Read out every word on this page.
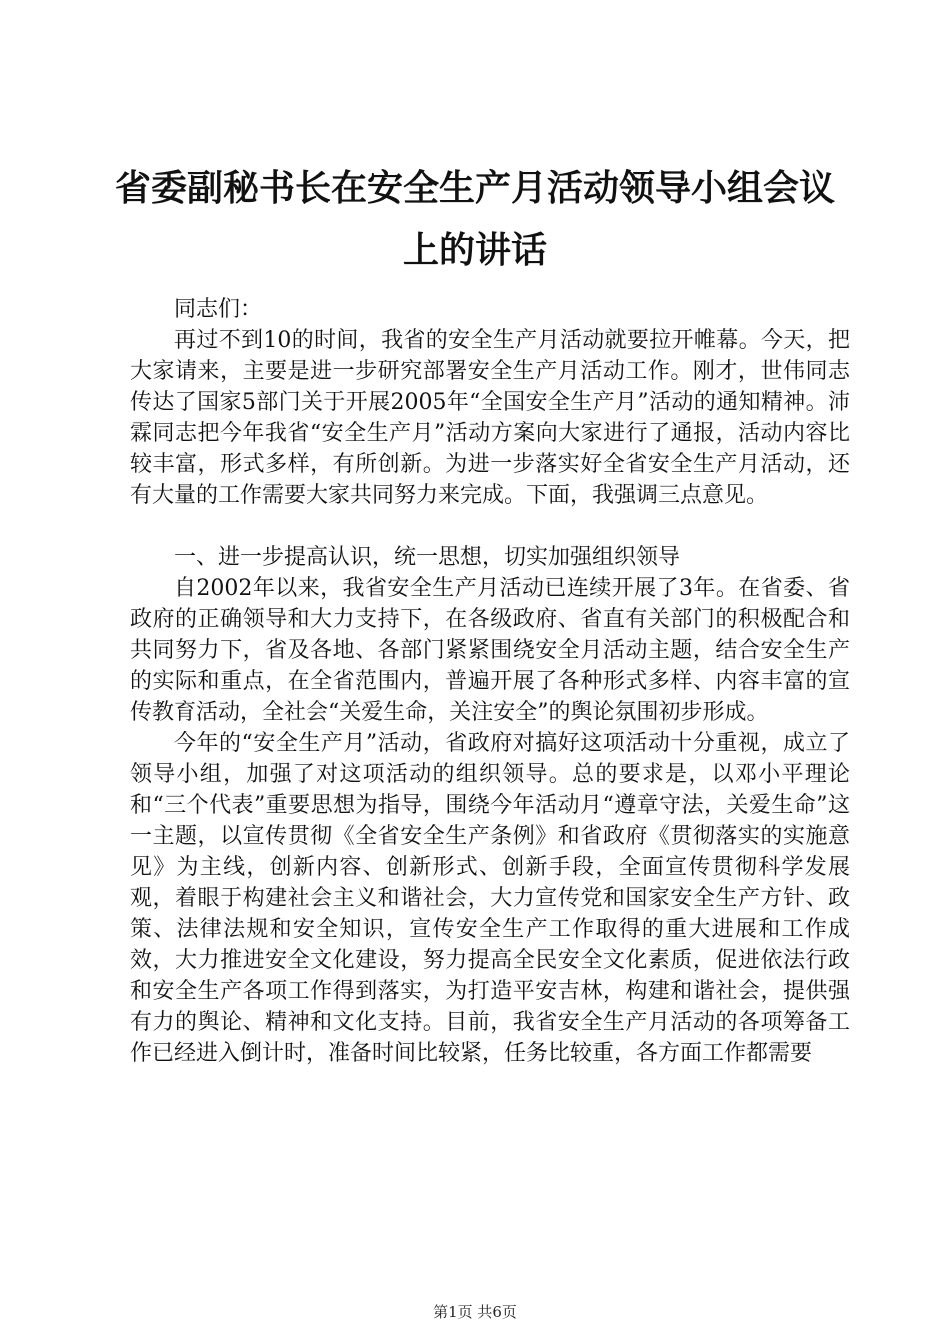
省委副秘书长在安全生产月活动领导小组会议上的讲话

同志们：

再过不到10的时间，我省的安全生产月活动就要拉开帷幕。今天，把大家请来，主要是进一步研究部署安全生产月活动工作。刚才，世伟同志传达了国家5部门关于开展2005年“全国安全生产月”活动的通知精神。沛霖同志把今年我省“安全生产月”活动方案向大家进行了通报，活动内容比较丰富，形式多样，有所创新。为进一步落实好全省安全生产月活动，还有大量的工作需要大家共同努力来完成。下面，我强调三点意见。

一、进一步提高认识，统一思想，切实加强组织领导

自2002年以来，我省安全生产月活动已连续开展了3年。在省委、省政府的正确领导和大力支持下，在各级政府、省直有关部门的积极配合和共同努力下，省及各地、各部门紧紧围绕安全月活动主题，结合安全生产的实际和重点，在全省范围内，普遍开展了各种形式多样、内容丰富的宣传教育活动，全社会“关爱生命，关注安全”的舆论氛围初步形成。

今年的“安全生产月”活动，省政府对搞好这项活动十分重视，成立了领导小组，加强了对这项活动的组织领导。总的要求是，以邓小平理论和“三个代表”重要思想为指导，围绕今年活动月“遵章守法，关爱生命”这一主题，以宣传贯彻《全省安全生产条例》和省政府《贯彻落实的实施意见》为主线，创新内容、创新形式、创新手段，全面宣传贯彻科学发展观，着眼于构建社会主义和谐社会，大力宣传党和国家安全生产方针、政策、法律法规和安全知识，宣传安全生产工作取得的重大进展和工作成效，大力推进安全文化建设，努力提高全民安全文化素质，促进依法行政和安全生产各项工作得到落实，为打造平安吉林，构建和谐社会，提供强有力的舆论、精神和文化支持。目前，我省安全生产月活动的各项筹备工作已经进入倒计时，准备时间比较紧，任务比较重，各方面工作都需要

第1页 共6页
